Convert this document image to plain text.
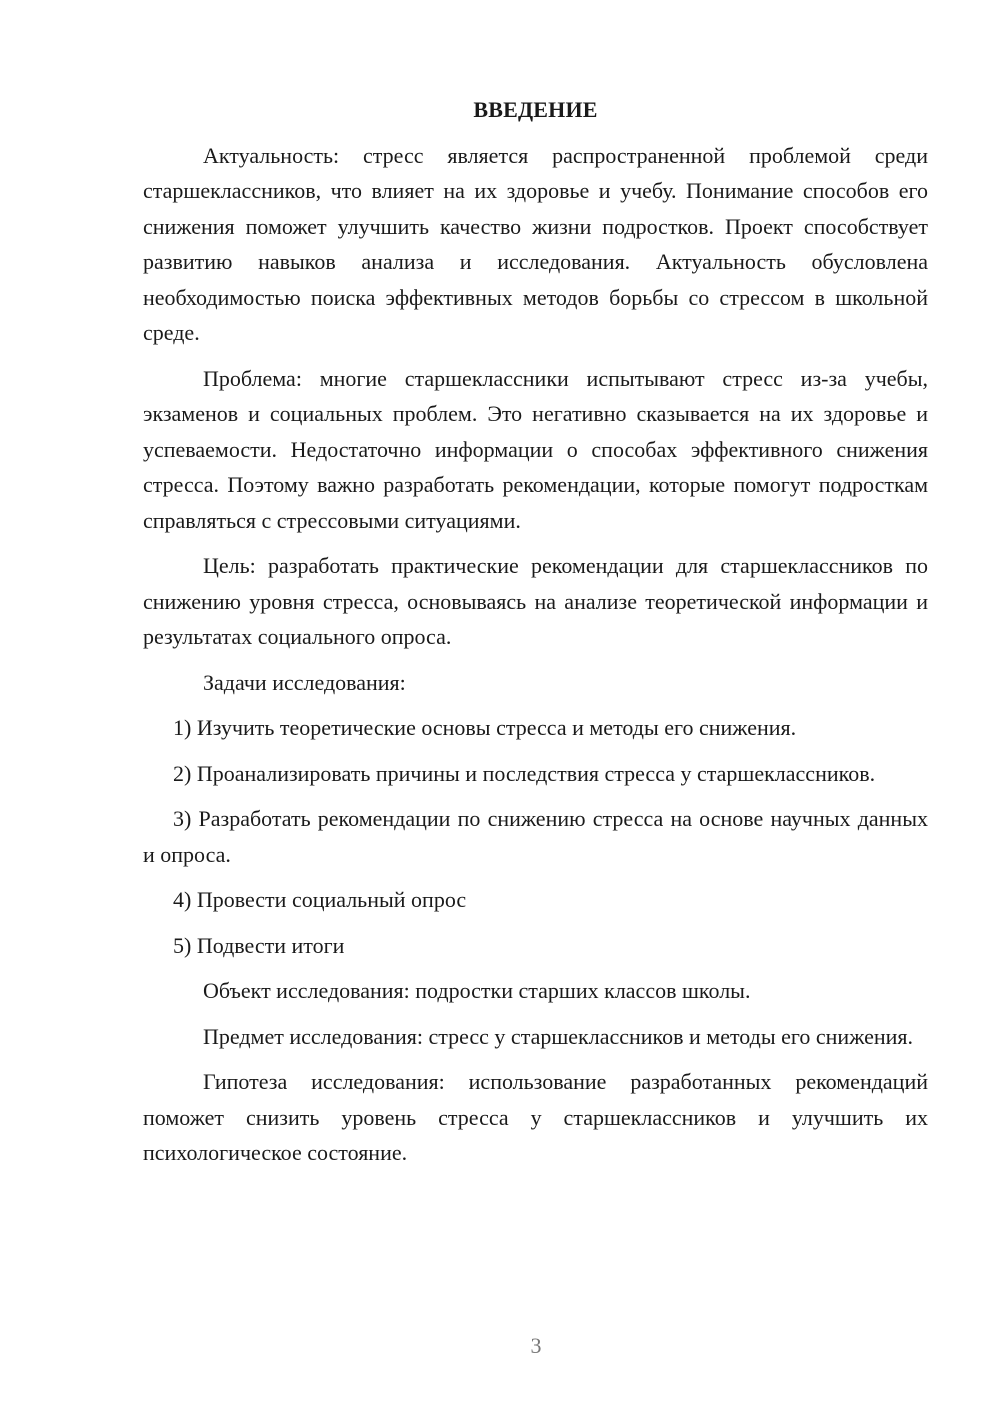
ВВЕДЕНИЕ

Актуальность: стресс является распространенной проблемой среди старшеклассников, что влияет на их здоровье и учебу. Понимание способов его снижения поможет улучшить качество жизни подростков. Проект способствует развитию навыков анализа и исследования. Актуальность обусловлена необходимостью поиска эффективных методов борьбы со стрессом в школьной среде.

Проблема: многие старшеклассники испытывают стресс из-за учебы, экзаменов и социальных проблем. Это негативно сказывается на их здоровье и успеваемости. Недостаточно информации о способах эффективного снижения стресса. Поэтому важно разработать рекомендации, которые помогут подросткам справляться с стрессовыми ситуациями.

Цель: разработать практические рекомендации для старшеклассников по снижению уровня стресса, основываясь на анализе теоретической информации и результатах социального опроса.

Задачи исследования:

1) Изучить теоретические основы стресса и методы его снижения.

2) Проанализировать причины и последствия стресса у старшеклассников.

3) Разработать рекомендации по снижению стресса на основе научных данных и опроса.

4) Провести социальный опрос

5) Подвести итоги

Объект исследования: подростки старших классов школы.

Предмет исследования: стресс у старшеклассников и методы его снижения.

Гипотеза исследования: использование разработанных рекомендаций поможет снизить уровень стресса у старшеклассников и улучшить их психологическое состояние.

3
